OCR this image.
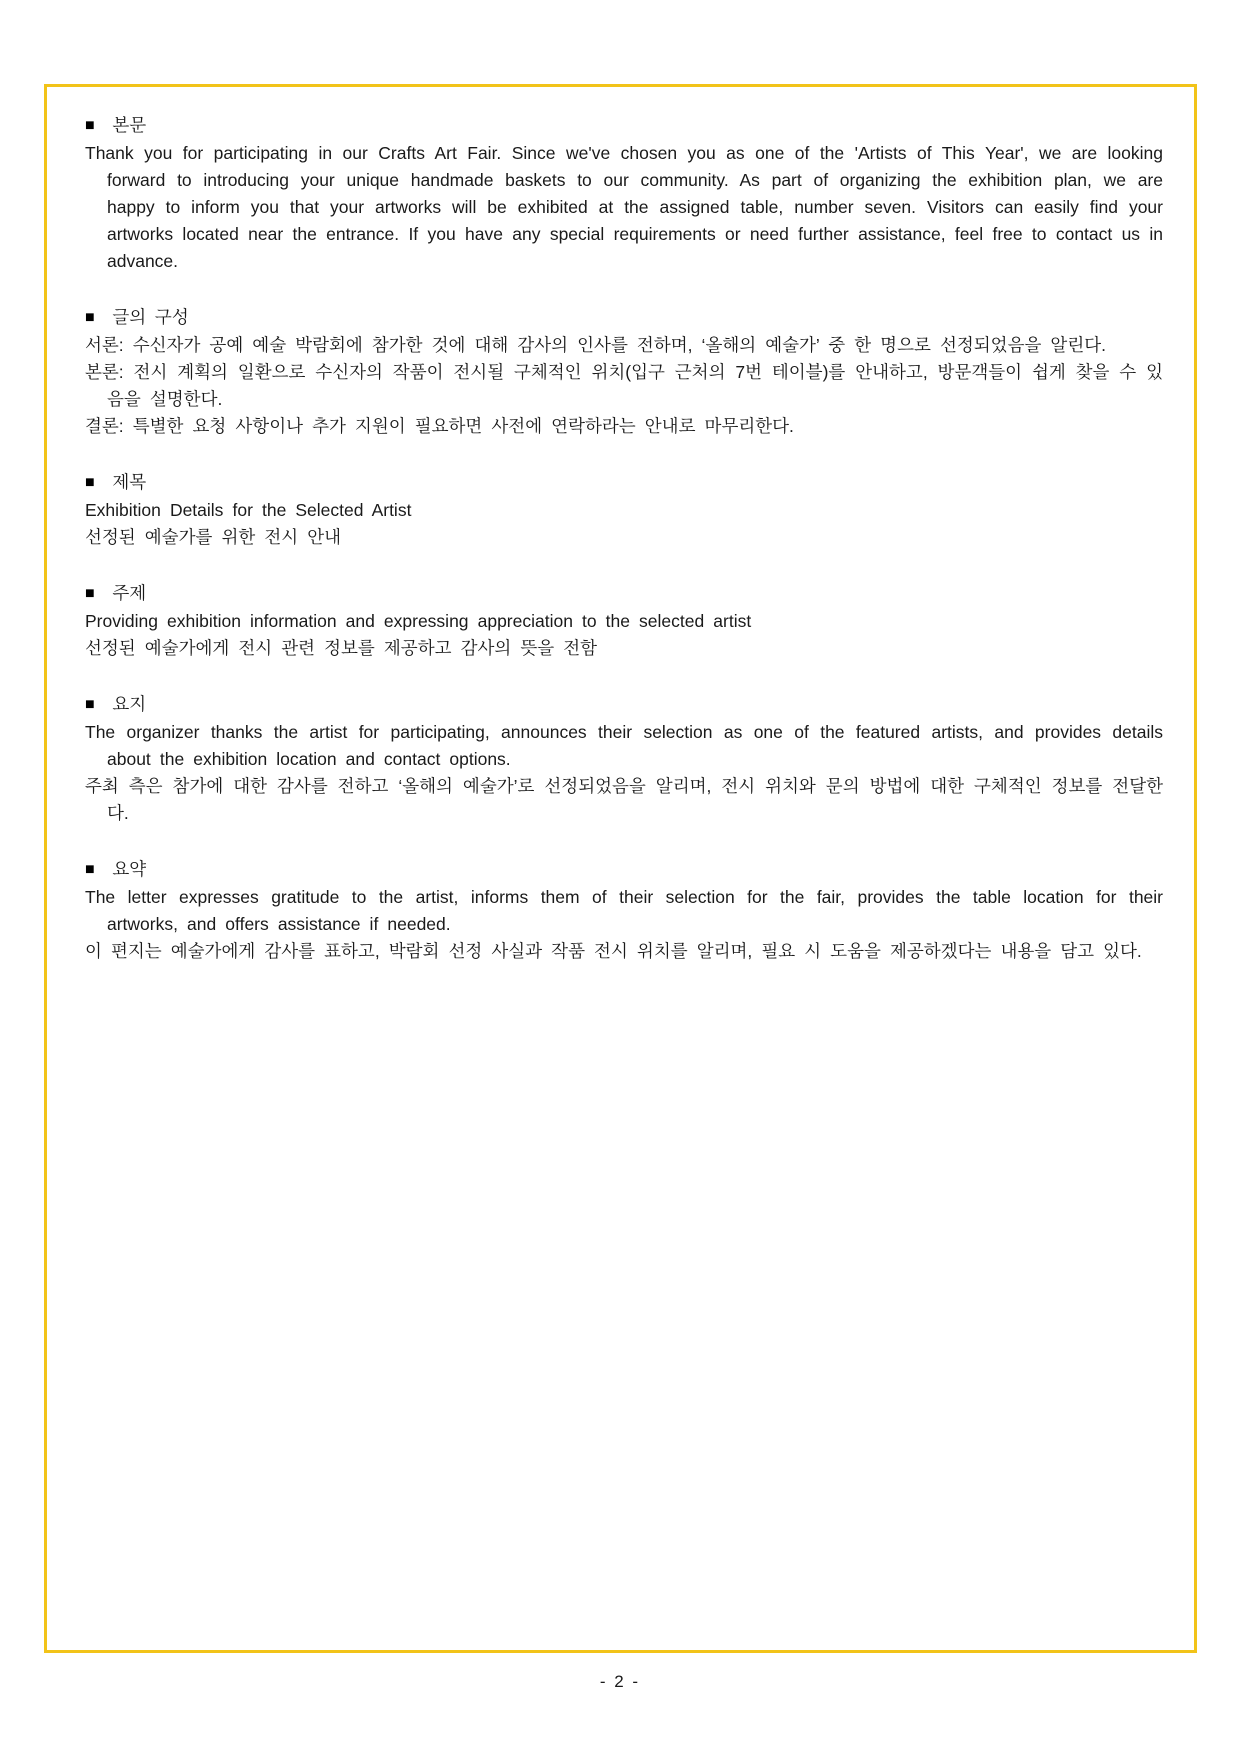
■ 본문

Thank you for participating in our Crafts Art Fair. Since we've chosen you as one of the 'Artists of This Year', we are looking forward to introducing your unique handmade baskets to our community. As part of organizing the exhibition plan, we are happy to inform you that your artworks will be exhibited at the assigned table, number seven. Visitors can easily find your artworks located near the entrance. If you have any special requirements or need further assistance, feel free to contact us in advance.

■ 글의 구성

서론: 수신자가 공예 예술 박람회에 참가한 것에 대해 감사의 인사를 전하며, ‘올해의 예술가’ 중 한 명으로 선정되었음을 알린다.

본론: 전시 계획의 일환으로 수신자의 작품이 전시될 구체적인 위치(입구 근처의 7번 테이블)를 안내하고, 방문객들이 쉽게 찾을 수 있음을 설명한다.

결론: 특별한 요청 사항이나 추가 지원이 필요하면 사전에 연락하라는 안내로 마무리한다.

■ 제목

Exhibition Details for the Selected Artist

선정된 예술가를 위한 전시 안내

■ 주제

Providing exhibition information and expressing appreciation to the selected artist

선정된 예술가에게 전시 관련 정보를 제공하고 감사의 뜻을 전함

■ 요지

The organizer thanks the artist for participating, announces their selection as one of the featured artists, and provides details about the exhibition location and contact options.

주최 측은 참가에 대한 감사를 전하고 ‘올해의 예술가’로 선정되었음을 알리며, 전시 위치와 문의 방법에 대한 구체적인 정보를 전달한다.

■ 요약

The letter expresses gratitude to the artist, informs them of their selection for the fair, provides the table location for their artworks, and offers assistance if needed.

이 편지는 예술가에게 감사를 표하고, 박람회 선정 사실과 작품 전시 위치를 알리며, 필요 시 도움을 제공하겠다는 내용을 담고 있다.

- 2 -
